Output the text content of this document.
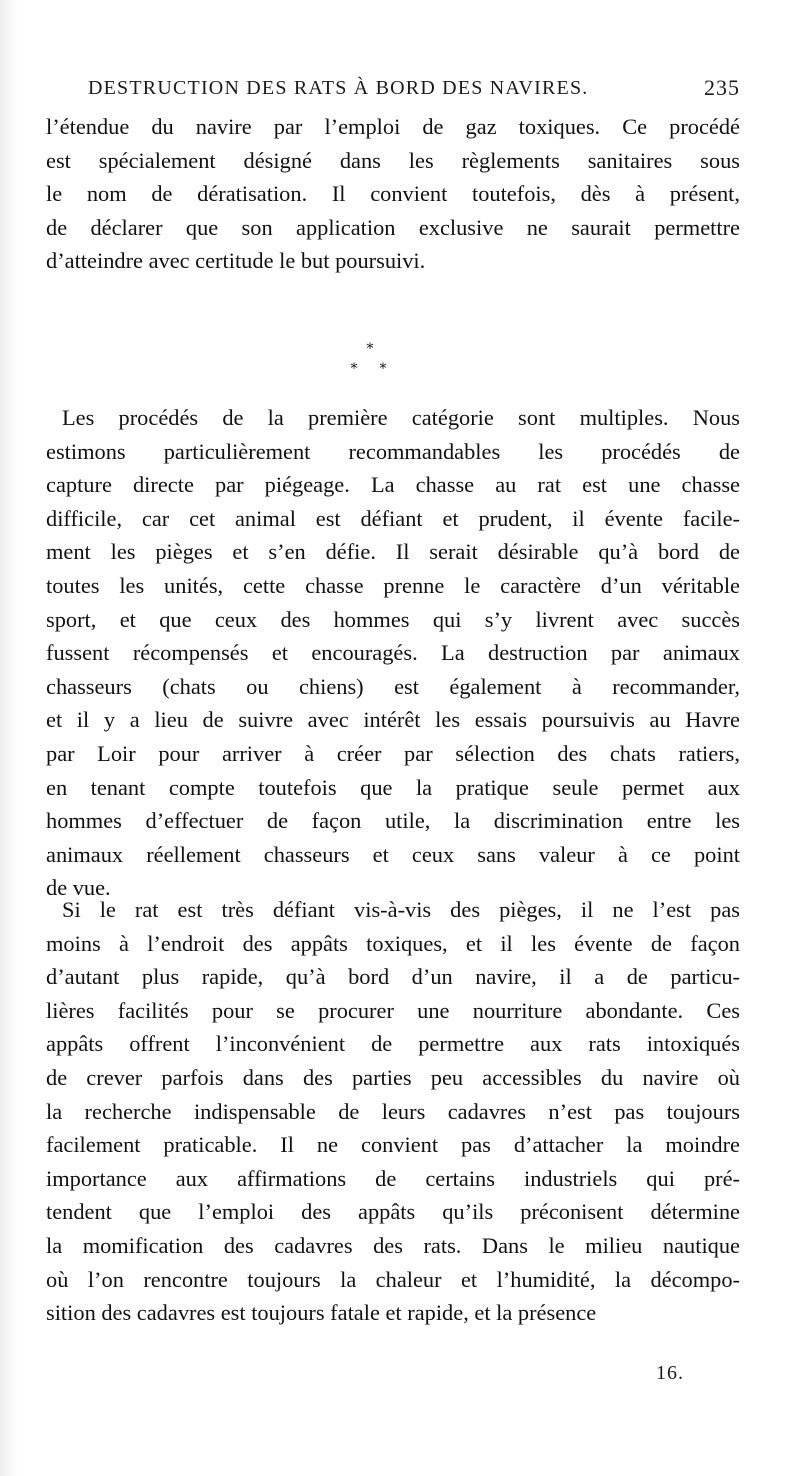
DESTRUCTION DES RATS À BORD DES NAVIRES.	235
l’étendue du navire par l’emploi de gaz toxiques. Ce procédé
est spécialement désigné dans les règlements sanitaires sous
le nom de dératisation. Il convient toutefois, dès à présent,
de déclarer que son application exclusive ne saurait permettre
d’atteindre avec certitude le but poursuivi.
*
* *
Les procédés de la première catégorie sont multiples. Nous
estimons particulièrement recommandables les procédés de
capture directe par piégeage. La chasse au rat est une chasse
difficile, car cet animal est défiant et prudent, il évente facile-
ment les pièges et s’en défie. Il serait désirable qu’à bord de
toutes les unités, cette chasse prenne le caractère d’un véritable
sport, et que ceux des hommes qui s’y livrent avec succès
fussent récompensés et encouragés. La destruction par animaux
chasseurs (chats ou chiens) est également à recommander,
et il y a lieu de suivre avec intérêt les essais poursuivis au Havre
par Loir pour arriver à créer par sélection des chats ratiers,
en tenant compte toutefois que la pratique seule permet aux
hommes d’effectuer de façon utile, la discrimination entre les
animaux réellement chasseurs et ceux sans valeur à ce point
de vue.
Si le rat est très défiant vis-à-vis des pièges, il ne l’est pas
moins à l’endroit des appâts toxiques, et il les évente de façon
d’autant plus rapide, qu’à bord d’un navire, il a de particu-
lières facilités pour se procurer une nourriture abondante. Ces
appâts offrent l’inconvénient de permettre aux rats intoxiqués
de crever parfois dans des parties peu accessibles du navire où
la recherche indispensable de leurs cadavres n’est pas toujours
facilement praticable. Il ne convient pas d’attacher la moindre
importance aux affirmations de certains industriels qui pré-
tendent que l’emploi des appâts qu’ils préconisent détermine
la momification des cadavres des rats. Dans le milieu nautique
où l’on rencontre toujours la chaleur et l’humidité, la décompo-
sition des cadavres est toujours fatale et rapide, et la présence
16.
